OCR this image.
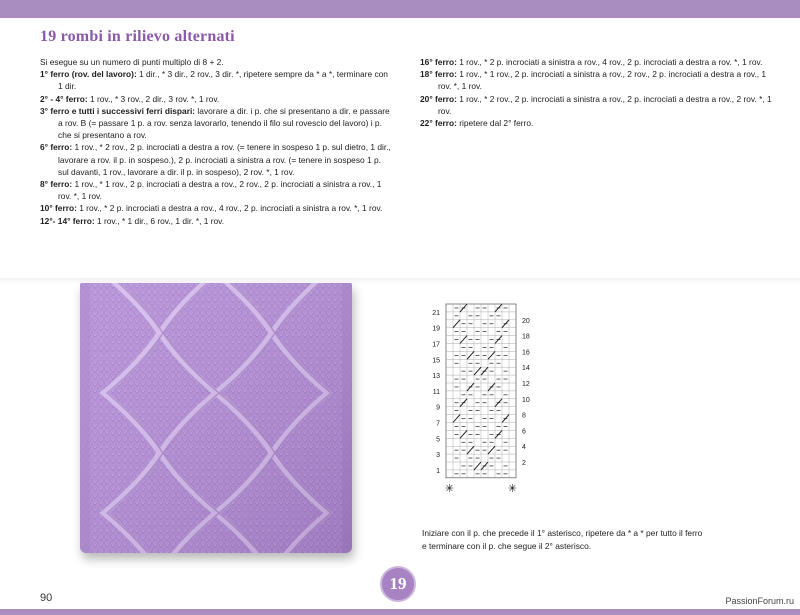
19 rombi in rilievo alternati

Si esegue su un numero di punti multiplo di 8 + 2.

1° ferro (rov. del lavoro): 1 dir., * 3 dir., 2 rov., 3 dir. *, ripetere sempre da * a *, terminare con 1 dir.

2° - 4° ferro: 1 rov., * 3 rov., 2 dir., 3 rov. *, 1 rov.

3° ferro e tutti i successivi ferri dispari: lavorare a dir. i p. che si presentano a dir. e passare a rov. B (= passare 1 p. a rov. senza lavorarlo, tenendo il filo sul rovescio del lavoro) i p. che si presentano a rov.

6° ferro: 1 rov., * 2 rov., 2 p. incrociati a destra a rov. (= tenere in sospeso 1 p. sul dietro, 1 dir., lavorare a rov. il p. in sospeso.), 2 p. incrociati a sinistra a rov. (= tenere in sospeso 1 p. sul davanti, 1 rov., lavorare a dir. il p. in sospeso), 2 rov. *, 1 rov.

8° ferro: 1 rov., * 1 rov., 2 p. incrociati a destra a rov., 2 rov., 2 p. incrociati a sinistra a rov., 1 rov. *, 1 rov.

10° ferro: 1 rov., * 2 p. incrociati a destra a rov., 4 rov., 2 p. incrociati a sinistra a rov. *, 1 rov.

12°- 14° ferro: 1 rov., * 1 dir., 6 rov., 1 dir. *, 1 rov.

16° ferro: 1 rov., * 2 p. incrociati a sinistra a rov., 4 rov., 2 p. incrociati a destra a rov. *, 1 rov.

18° ferro: 1 rov., * 1 rov., 2 p. incrociati a sinistra a rov., 2 rov., 2 p. incrociati a destra a rov., 1 rov. *, 1 rov.

20° ferro: 1 rov., * 2 rov., 2 p. incrociati a sinistra a rov., 2 p. incrociati a destra a rov., 2 rov. *, 1 rov.

22° ferro: ripetere dal 2° ferro.

21
19
17
15
13
11
9
7
5
3
1
20
18
16
14
12
10
8
6
4
2
✳	✳

Iniziare con il p. che precede il 1° asterisco, ripetere da * a * per tutto il ferro

e terminare con il p. che segue il 2° asterisco.

90
19
PassionForum.ru
